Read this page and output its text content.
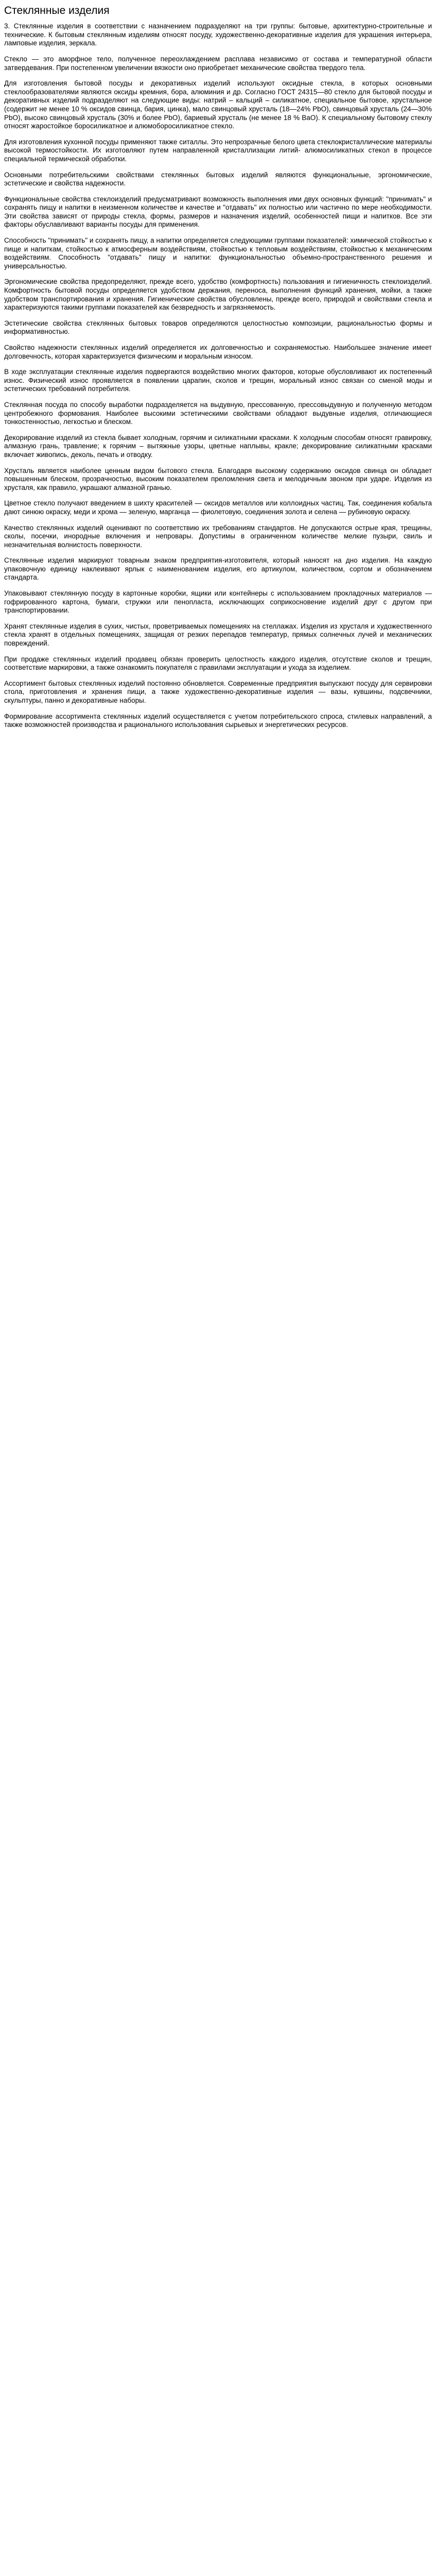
Стеклянные изделия

3. Стеклянные изделия в соответствии с назначением подразделяют на три группы: бытовые, архитектурно-строительные и технические. К бытовым стеклянным изделиям относят посуду, художественно-декоративные изделия для украшения интерьера, ламповые изделия, зеркала.

Стекло — это аморфное тело, полученное переохлаждением расплава независимо от состава и температурной области затвердевания. При постепенном увеличении вязкости оно приобретает механические свойства твердого тела.

Для изготовления бытовой посуды и декоративных изделий используют оксидные стекла, в которых основными стеклообразователями являются оксиды кремния, бора, алюминия и др. Согласно ГОСТ 24315—80 стекло для бытовой посуды и декоративных изделий подразделяют на следующие виды: натрий – кальций – силикатное, специальное бытовое, хрустальное (содержит не менее 10 % оксидов свинца, бария, цинка), мало свинцовый хрусталь (18—24% PbO), свинцовый хрусталь (24—30% PbO), высоко свинцовый хрусталь (30% и более PbO), бариевый хрусталь (не менее 18 % BaO). К специальному бытовому стеклу относят жаростойкое боросиликатное и алюмоборосиликатное стекло.

Для изготовления кухонной посуды применяют также ситаллы. Это непрозрачные белого цвета стеклокристаллические материалы высокой термостойкости. Их изготовляют путем направленной кристаллизации литий- алюмосиликатных стекол в процессе специальной термической обработки.

Основными потребительскими свойствами стеклянных бытовых изделий являются функциональные, эргономические, эстетические и свойства надежности.

Функциональные свойства стеклоизделий предусматривают возможность выполнения ими двух основных функций: "принимать" и сохранять пищу и напитки в неизменном количестве и качестве и "отдавать" их полностью или частично по мере необходимости. Эти свойства зависят от природы стекла, формы, размеров и назначения изделий, особенностей пищи и напитков. Все эти факторы обуславливают варианты посуды для применения.

Способность "принимать" и сохранять пищу, а напитки определяется следующими группами показателей: химической стойкостью к пище и напиткам, стойкостью к атмосферным воздействиям, стойкостью к тепловым воздействиям, стойкостью к механическим воздействиям. Способность "отдавать" пищу и напитки: функциональностью объемно-пространственного решения и универсальностью.

Эргономические свойства предопределяют, прежде всего, удобство (комфортность) пользования и гигиеничность стеклоизделий. Комфортность бытовой посуды определяется удобством держания, переноса, выполнения функций хранения, мойки, а также удобством транспортирования и хранения. Гигиенические свойства обусловлены, прежде всего, природой и свойствами стекла и характеризуются такими группами показателей как безвредность и загрязняемость.

Эстетические свойства стеклянных бытовых товаров определяются целостностью композиции, рациональностью формы и информативностью.

Свойство надежности стеклянных изделий определяется их долговечностью и сохраняемостью. Наибольшее значение имеет долговечность, которая характеризуется физическим и моральным износом.

В ходе эксплуатации стеклянные изделия подвергаются воздействию многих факторов, которые обусловливают их постепенный износ. Физический износ проявляется в появлении царапин, сколов и трещин, моральный износ связан со сменой моды и эстетических требований потребителя.

Стеклянная посуда по способу выработки подразделяется на выдувную, прессованную, прессовыдувную и полученную методом центробежного формования. Наиболее высокими эстетическими свойствами обладают выдувные изделия, отличающиеся тонкостенностью, легкостью и блеском.

Декорирование изделий из стекла бывает холодным, горячим и силикатными красками. К холодным способам относят гравировку, алмазную грань, травление; к горячим – вытяжные узоры, цветные наплывы, кракле; декорирование силикатными красками включает живопись, деколь, печать и отводку.

Хрусталь является наиболее ценным видом бытового стекла. Благодаря высокому содержанию оксидов свинца он обладает повышенным блеском, прозрачностью, высоким показателем преломления света и мелодичным звоном при ударе. Изделия из хрусталя, как правило, украшают алмазной гранью.

Цветное стекло получают введением в шихту красителей — оксидов металлов или коллоидных частиц. Так, соединения кобальта дают синюю окраску, меди и хрома — зеленую, марганца — фиолетовую, соединения золота и селена — рубиновую окраску.

Качество стеклянных изделий оценивают по соответствию их требованиям стандартов. Не допускаются острые края, трещины, сколы, посечки, инородные включения и непровары. Допустимы в ограниченном количестве мелкие пузыри, свиль и незначительная волнистость поверхности.

Стеклянные изделия маркируют товарным знаком предприятия-изготовителя, который наносят на дно изделия. На каждую упаковочную единицу наклеивают ярлык с наименованием изделия, его артикулом, количеством, сортом и обозначением стандарта.

Упаковывают стеклянную посуду в картонные коробки, ящики или контейнеры с использованием прокладочных материалов — гофрированного картона, бумаги, стружки или пенопласта, исключающих соприкосновение изделий друг с другом при транспортировании.

Хранят стеклянные изделия в сухих, чистых, проветриваемых помещениях на стеллажах. Изделия из хрусталя и художественного стекла хранят в отдельных помещениях, защищая от резких перепадов температур, прямых солнечных лучей и механических повреждений.

При продаже стеклянных изделий продавец обязан проверить целостность каждого изделия, отсутствие сколов и трещин, соответствие маркировки, а также ознакомить покупателя с правилами эксплуатации и ухода за изделием.

Ассортимент бытовых стеклянных изделий постоянно обновляется. Современные предприятия выпускают посуду для сервировки стола, приготовления и хранения пищи, а также художественно-декоративные изделия — вазы, кувшины, подсвечники, скульптуры, панно и декоративные наборы.

Формирование ассортимента стеклянных изделий осуществляется с учетом потребительского спроса, стилевых направлений, а также возможностей производства и рационального использования сырьевых и энергетических ресурсов.
